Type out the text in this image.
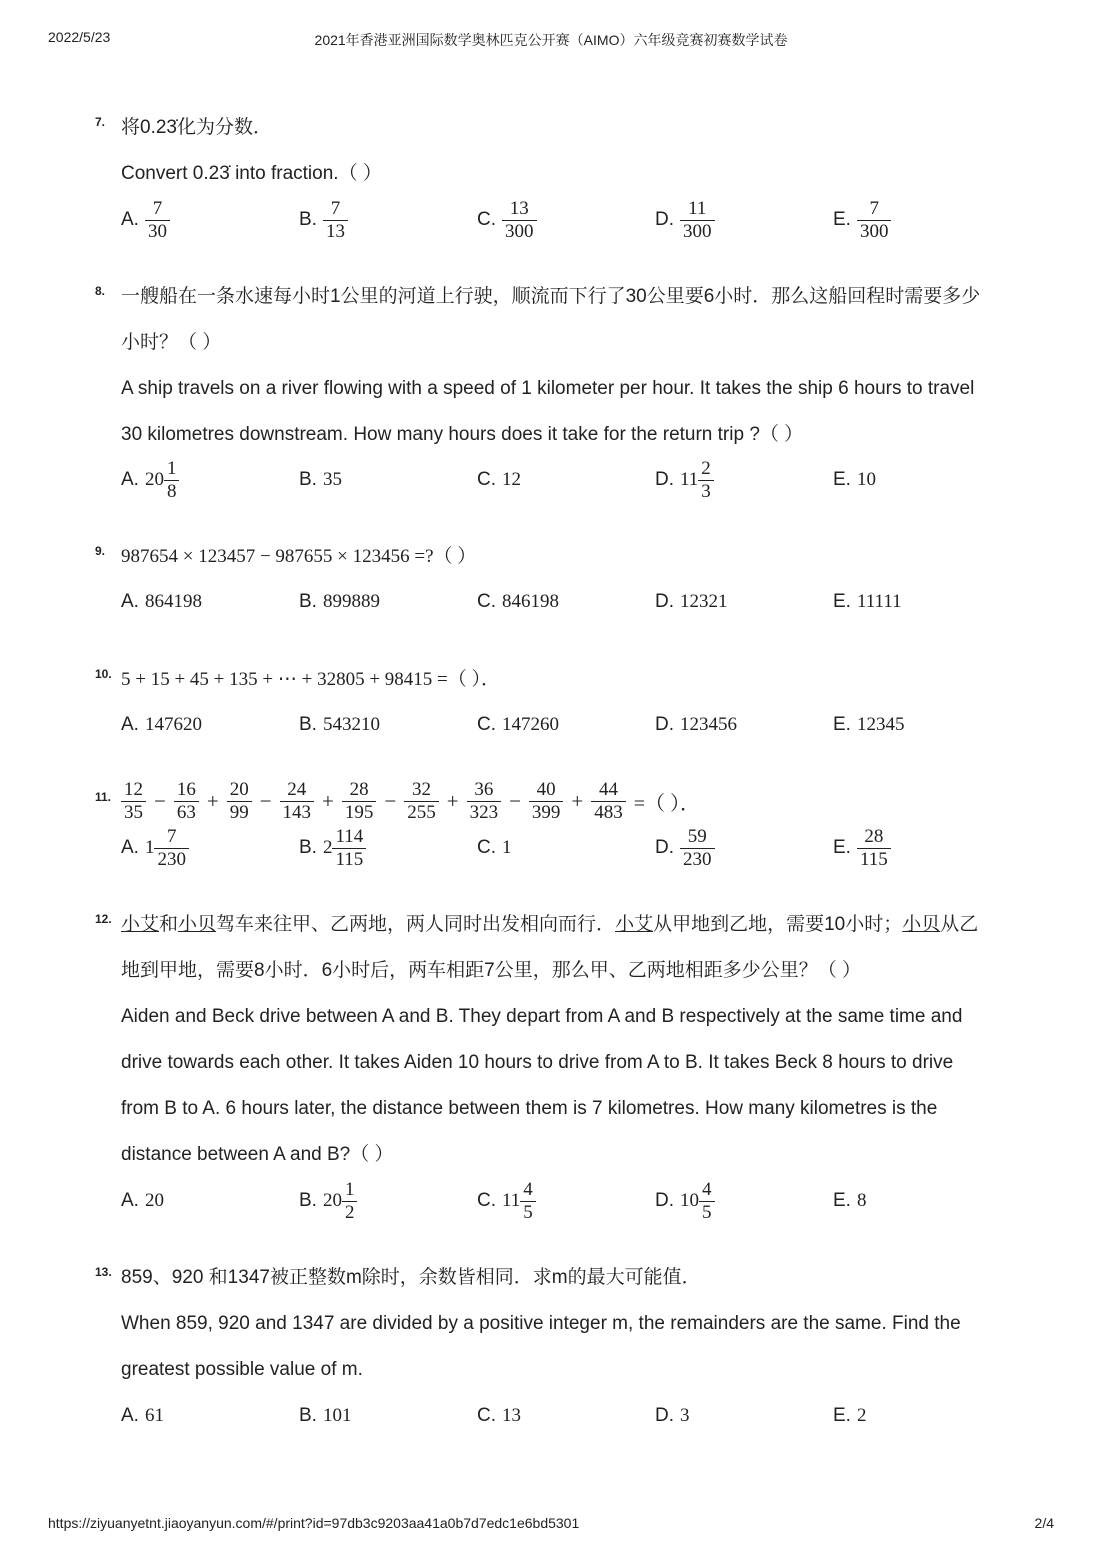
2022/5/23	2021年香港亚洲国际数学奥林匹克公开赛（AIMO）六年级竞赛初赛数学试卷
7. 将0.23̇化为分数．
Convert 0.23̇ into fraction.（ ）
A. $\frac{7}{30}$	B. $\frac{7}{13}$	C. $\frac{13}{300}$	D. $\frac{11}{300}$	E. $\frac{7}{300}$
8. 一艘船在一条水速每小时1公里的河道上行驶，顺流而下行了30公里要6小时．那么这船回程时需要多少
小时？（ ）
A ship travels on a river flowing with a speed of 1 kilometer per hour. It takes the ship 6 hours to travel
30 kilometres downstream. How many hours does it take for the return trip ?（ ）
A. $20 \frac{1}{8}$	B. 35	C. 12	D. $11 \frac{2}{3}$	E. 10
9. 987654 × 123457 − 987655 × 123456 =?（ ）
A. 864198	B. 899889	C. 846198	D. 12321	E. 11111
10. 5 + 15 + 45 + 135 + ⋯ + 32805 + 98415 =（ ）．
A. 147620	B. 543210	C. 147260	D. 123456	E. 12345
11. $\frac{12}{35} - \frac{16}{63} + \frac{20}{99} - \frac{24}{143} + \frac{28}{195} - \frac{32}{255} + \frac{36}{323} - \frac{40}{399} + \frac{44}{483}$ =（ ）．
A. $1 \frac{7}{230}$	B. $2 \frac{114}{115}$	C. 1	D. $\frac{59}{230}$	E. $\frac{28}{115}$
12. 小艾和小贝驾车来往甲、乙两地，两人同时出发相向而行．小艾从甲地到乙地，需要10小时；小贝从乙
地到甲地，需要8小时．6小时后，两车相距7公里，那么甲、乙两地相距多少公里？（ ）
Aiden and Beck drive between A and B. They depart from A and B respectively at the same time and
drive towards each other. It takes Aiden 10 hours to drive from A to B. It takes Beck 8 hours to drive
from B to A. 6 hours later, the distance between them is 7 kilometres. How many kilometres is the
distance between A and B?（ ）
A. 20	B. $20 \frac{1}{2}$	C. $11 \frac{4}{5}$	D. $10 \frac{4}{5}$	E. 8
13. 859、920 和1347被正整数m除时，余数皆相同．求m的最大可能值．
When 859, 920 and 1347 are divided by a positive integer m, the remainders are the same. Find the
greatest possible value of m.
A. 61	B. 101	C. 13	D. 3	E. 2
https://ziyuanyetnt.jiaoyanyun.com/#/print?id=97db3c9203aa41a0b7d7edc1e6bd5301	2/4
